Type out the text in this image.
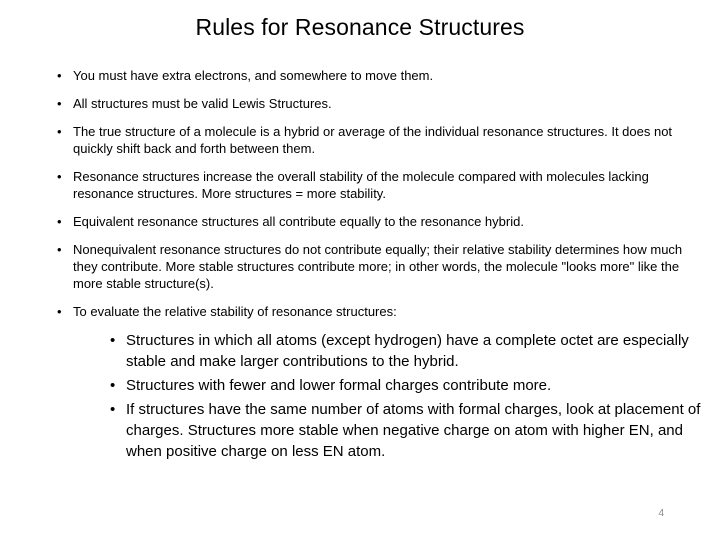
Rules for Resonance Structures
• You must have extra electrons, and somewhere to move them.
• All structures must be valid Lewis Structures.
• The true structure of a molecule is a hybrid or average of the individual resonance structures. It does not quickly shift back and forth between them.
• Resonance structures increase the overall stability of the molecule compared with molecules lacking resonance structures. More structures = more stability.
• Equivalent resonance structures all contribute equally to the resonance hybrid.
• Nonequivalent resonance structures do not contribute equally; their relative stability determines how much they contribute. More stable structures contribute more; in other words, the molecule "looks more" like the more stable structure(s).
• To evaluate the relative stability of resonance structures:
• Structures in which all atoms (except hydrogen) have a complete octet are especially stable and make larger contributions to the hybrid.
• Structures with fewer and lower formal charges contribute more.
• If structures have the same number of atoms with formal charges, look at placement of charges. Structures more stable when negative charge on atom with higher EN, and when positive charge on less EN atom.
4
